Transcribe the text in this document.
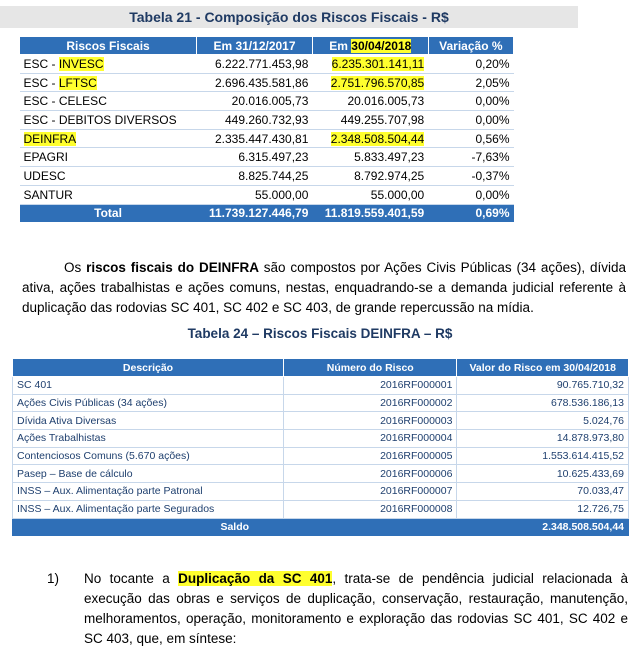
Tabela 21 - Composição dos Riscos Fiscais - R$
Riscos Fiscais	Em 31/12/2017	Em 30/04/2018	Variação %
ESC - INVESC	6.222.771.453,98	6.235.301.141,11	0,20%
ESC - LFTSC	2.696.435.581,86	2.751.796.570,85	2,05%
ESC - CELESC	20.016.005,73	20.016.005,73	0,00%
ESC - DEBITOS DIVERSOS	449.260.732,93	449.255.707,98	0,00%
DEINFRA	2.335.447.430,81	2.348.508.504,44	0,56%
EPAGRI	6.315.497,23	5.833.497,23	-7,63%
UDESC	8.825.744,25	8.792.974,25	-0,37%
SANTUR	55.000,00	55.000,00	0,00%
Total	11.739.127.446,79	11.819.559.401,59	0,69%
Os riscos fiscais do DEINFRA são compostos por Ações Civis Públicas (34 ações), dívida ativa, ações trabalhistas e ações comuns, nestas, enquadrando-se a demanda judicial referente à duplicação das rodovias SC 401, SC 402 e SC 403, de grande repercussão na mídia.
Tabela 24 – Riscos Fiscais DEINFRA – R$
Descrição	Número do Risco	Valor do Risco em 30/04/2018
SC 401	2016RF000001	90.765.710,32
Ações Civis Públicas (34 ações)	2016RF000002	678.536.186,13
Dívida Ativa Diversas	2016RF000003	5.024,76
Ações Trabalhistas	2016RF000004	14.878.973,80
Contenciosos Comuns (5.670 ações)	2016RF000005	1.553.614.415,52
Pasep – Base de cálculo	2016RF000006	10.625.433,69
INSS – Aux. Alimentação parte Patronal	2016RF000007	70.033,47
INSS – Aux. Alimentação parte Segurados	2016RF000008	12.726,75
Saldo		2.348.508.504,44
1) No tocante a Duplicação da SC 401, trata-se de pendência judicial relacionada à execução das obras e serviços de duplicação, conservação, restauração, manutenção, melhoramentos, operação, monitoramento e exploração das rodovias SC 401, SC 402 e SC 403, que, em síntese:
